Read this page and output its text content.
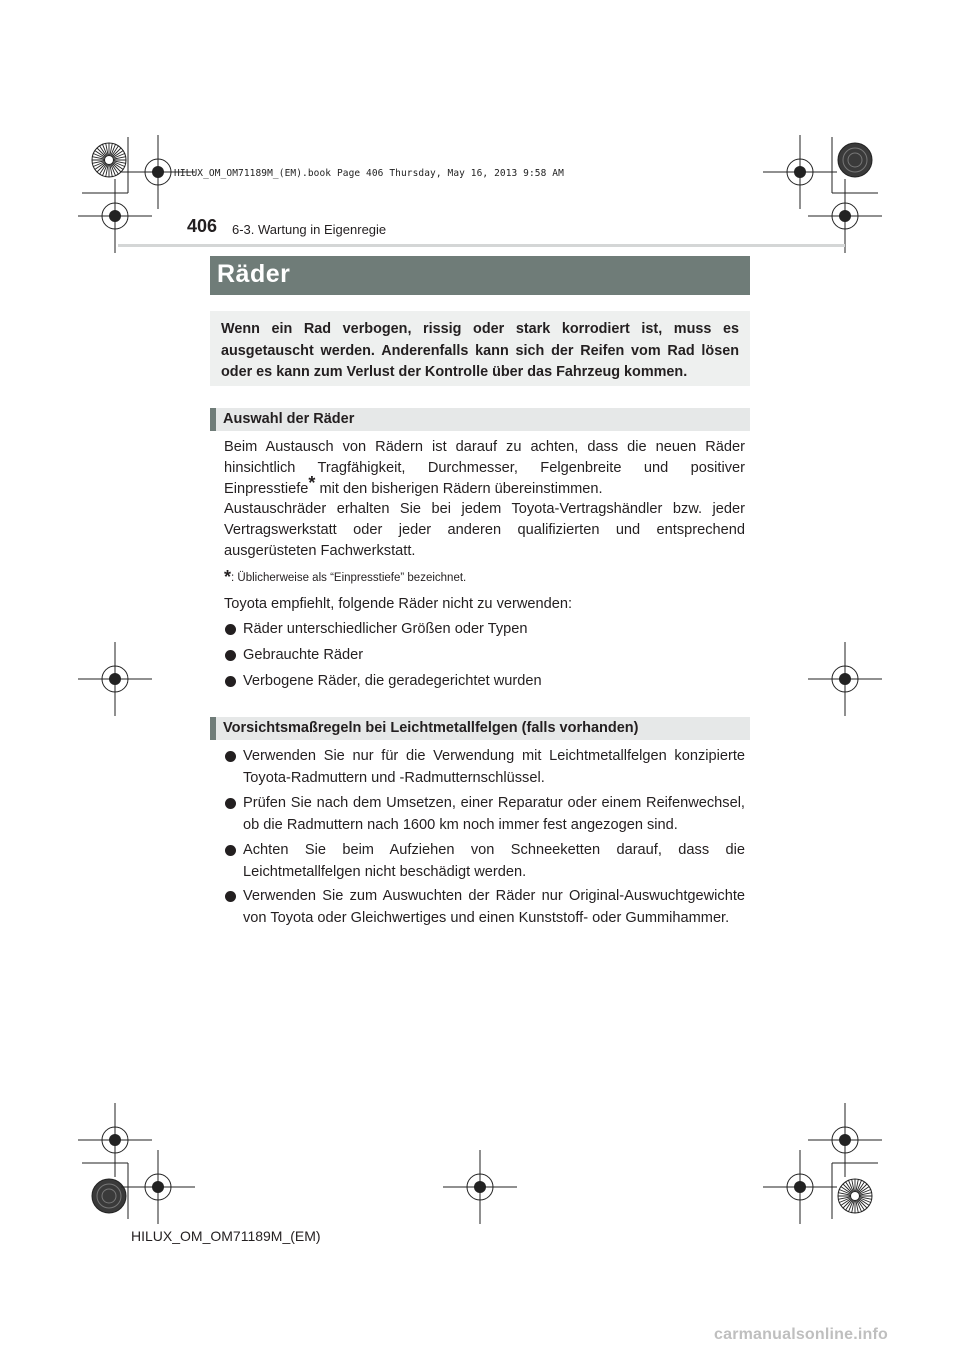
HILUX_OM_OM71189M_(EM).book Page 406 Thursday, May 16, 2013 9:58 AM
406 6-3. Wartung in Eigenregie
Räder

Wenn ein Rad verbogen, rissig oder stark korrodiert ist, muss es ausgetauscht werden. Anderenfalls kann sich der Reifen vom Rad lösen oder es kann zum Verlust der Kontrolle über das Fahrzeug kommen.

Auswahl der Räder

Beim Austausch von Rädern ist darauf zu achten, dass die neuen Räder hinsichtlich Tragfähigkeit, Durchmesser, Felgenbreite und positiver Einpresstiefe* mit den bisherigen Rädern übereinstimmen.
Austauschräder erhalten Sie bei jedem Toyota-Vertragshändler bzw. jeder Vertragswerkstatt oder jeder anderen qualifizierten und entsprechend ausgerüsteten Fachwerkstatt.

*: Üblicherweise als “Einpresstiefe” bezeichnet.
Toyota empfiehlt, folgende Räder nicht zu verwenden:

Räder unterschiedlicher Größen oder Typen

Gebrauchte Räder

Verbogene Räder, die geradegerichtet wurden

Vorsichtsmaßregeln bei Leichtmetallfelgen (falls vorhanden)

Verwenden Sie nur für die Verwendung mit Leichtmetallfelgen konzipierte Toyota-Radmuttern und -Radmutternschlüssel.

Prüfen Sie nach dem Umsetzen, einer Reparatur oder einem Reifenwechsel, ob die Radmuttern nach 1600 km noch immer fest angezogen sind.

Achten Sie beim Aufziehen von Schneeketten darauf, dass die Leichtmetallfelgen nicht beschädigt werden.

Verwenden Sie zum Auswuchten der Räder nur Original-Auswuchtgewichte von Toyota oder Gleichwertiges und einen Kunststoff- oder Gummihammer.

HILUX_OM_OM71189M_(EM)
carmanualsonline.info
